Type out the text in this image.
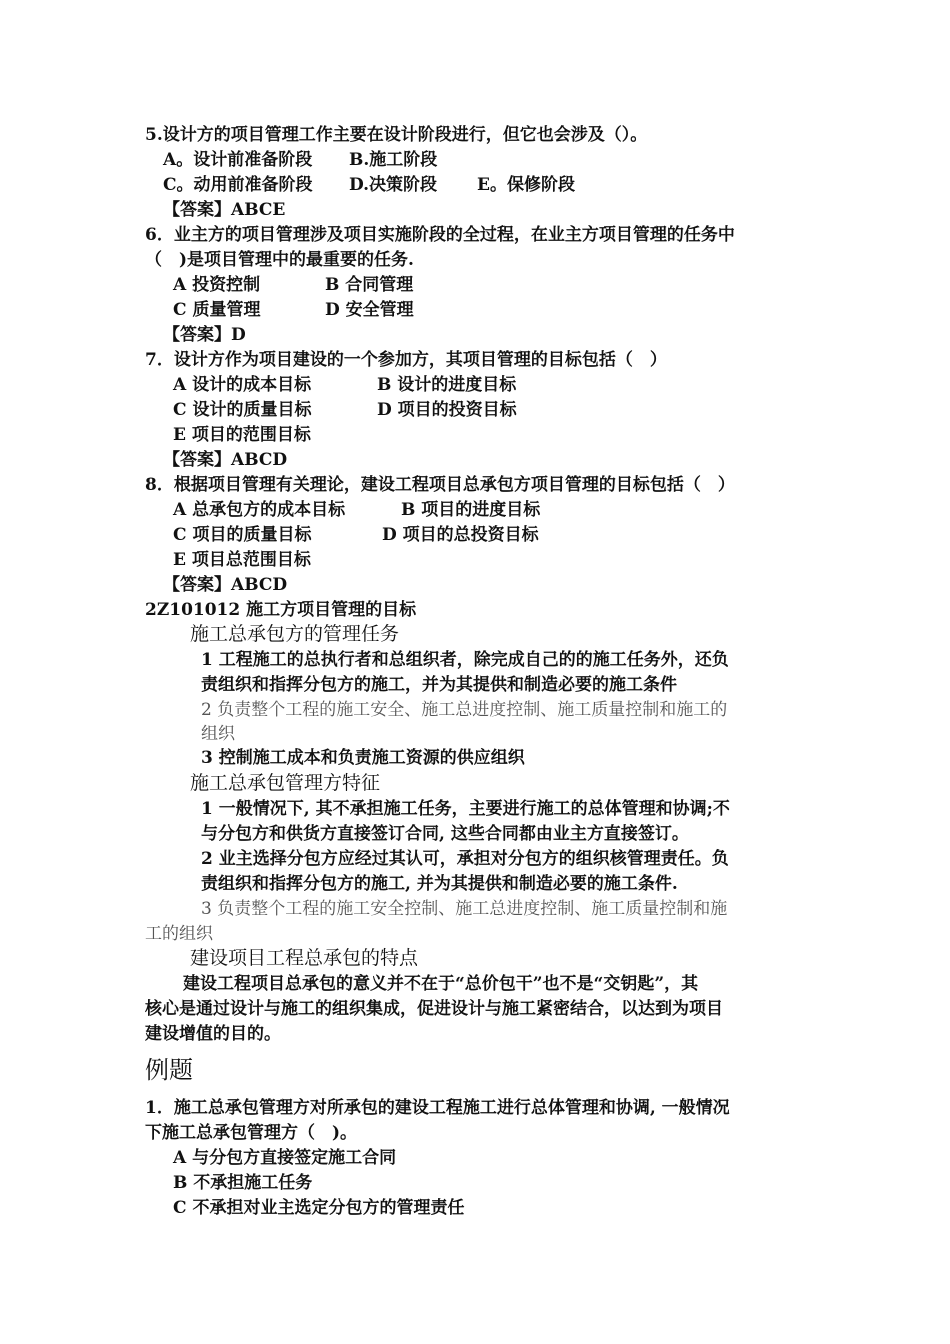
5.设计方的项目管理工作主要在设计阶段进行，但它也会涉及（）。
A。设计前准备阶段 B.施工阶段
C。动用前准备阶段 D.决策阶段 E。保修阶段
【答案】ABCE
6．业主方的项目管理涉及项目实施阶段的全过程，在业主方项目管理的任务中
（　)是项目管理中的最重要的任务.
A 投资控制	B 合同管理
C 质量管理	D 安全管理
【答案】D
7．设计方作为项目建设的一个参加方，其项目管理的目标包括（　）
A 设计的成本目标	B 设计的进度目标
C 设计的质量目标	D 项目的投资目标
E 项目的范围目标
【答案】ABCD
8．根据项目管理有关理论，建设工程项目总承包方项目管理的目标包括（　）
A 总承包方的成本目标	B 项目的进度目标
C 项目的质量目标	D 项目的总投资目标
E 项目总范围目标
【答案】ABCD
2Z101012 施工方项目管理的目标
施工总承包方的管理任务
1 工程施工的总执行者和总组织者，除完成自己的的施工任务外，还负
责组织和指挥分包方的施工，并为其提供和制造必要的施工条件
2 负责整个工程的施工安全、施工总进度控制、施工质量控制和施工的
组织
3 控制施工成本和负责施工资源的供应组织
施工总承包管理方特征
1 一般情况下, 其不承担施工任务，主要进行施工的总体管理和协调;不
与分包方和供货方直接签订合同, 这些合同都由业主方直接签订。
2 业主选择分包方应经过其认可，承担对分包方的组织核管理责任。负
责组织和指挥分包方的施工, 并为其提供和制造必要的施工条件.
3 负责整个工程的施工安全控制、施工总进度控制、施工质量控制和施
工的组织
建设项目工程总承包的特点
建设工程项目总承包的意义并不在于“总价包干”也不是“交钥匙”，其
核心是通过设计与施工的组织集成，促进设计与施工紧密结合，以达到为项目
建设增值的目的。
例题
1．施工总承包管理方对所承包的建设工程施工进行总体管理和协调, 一般情况
下施工总承包管理方（　)。
A 与分包方直接签定施工合同
B 不承担施工任务
C 不承担对业主选定分包方的管理责任
